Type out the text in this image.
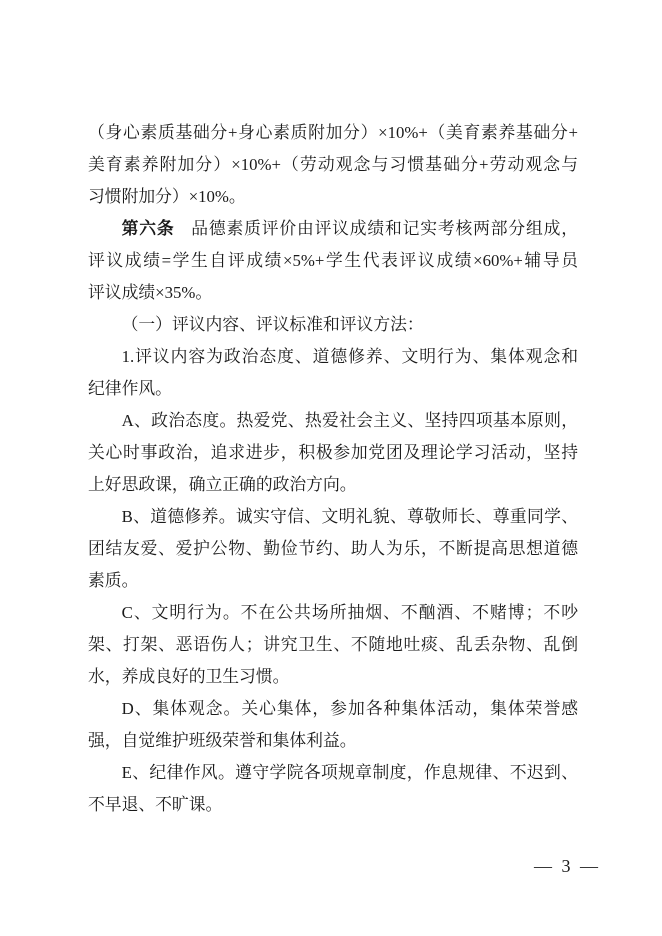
（身心素质基础分+身心素质附加分）×10%+（美育素养基础分+
美育素养附加分）×10%+（劳动观念与习惯基础分+劳动观念与
习惯附加分）×10%。
第六条 品德素质评价由评议成绩和记实考核两部分组成，
评议成绩=学生自评成绩×5%+学生代表评议成绩×60%+辅导员
评议成绩×35%。
（一）评议内容、评议标准和评议方法：
1.评议内容为政治态度、道德修养、文明行为、集体观念和
纪律作风。
A、政治态度。热爱党、热爱社会主义、坚持四项基本原则，
关心时事政治，追求进步，积极参加党团及理论学习活动，坚持
上好思政课，确立正确的政治方向。
B、道德修养。诚实守信、文明礼貌、尊敬师长、尊重同学、
团结友爱、爱护公物、勤俭节约、助人为乐，不断提高思想道德
素质。
C、文明行为。不在公共场所抽烟、不酗酒、不赌博；不吵
架、打架、恶语伤人；讲究卫生、不随地吐痰、乱丢杂物、乱倒
水，养成良好的卫生习惯。
D、集体观念。关心集体，参加各种集体活动，集体荣誉感
强，自觉维护班级荣誉和集体利益。
E、纪律作风。遵守学院各项规章制度，作息规律、不迟到、
不早退、不旷课。
— 3 —
